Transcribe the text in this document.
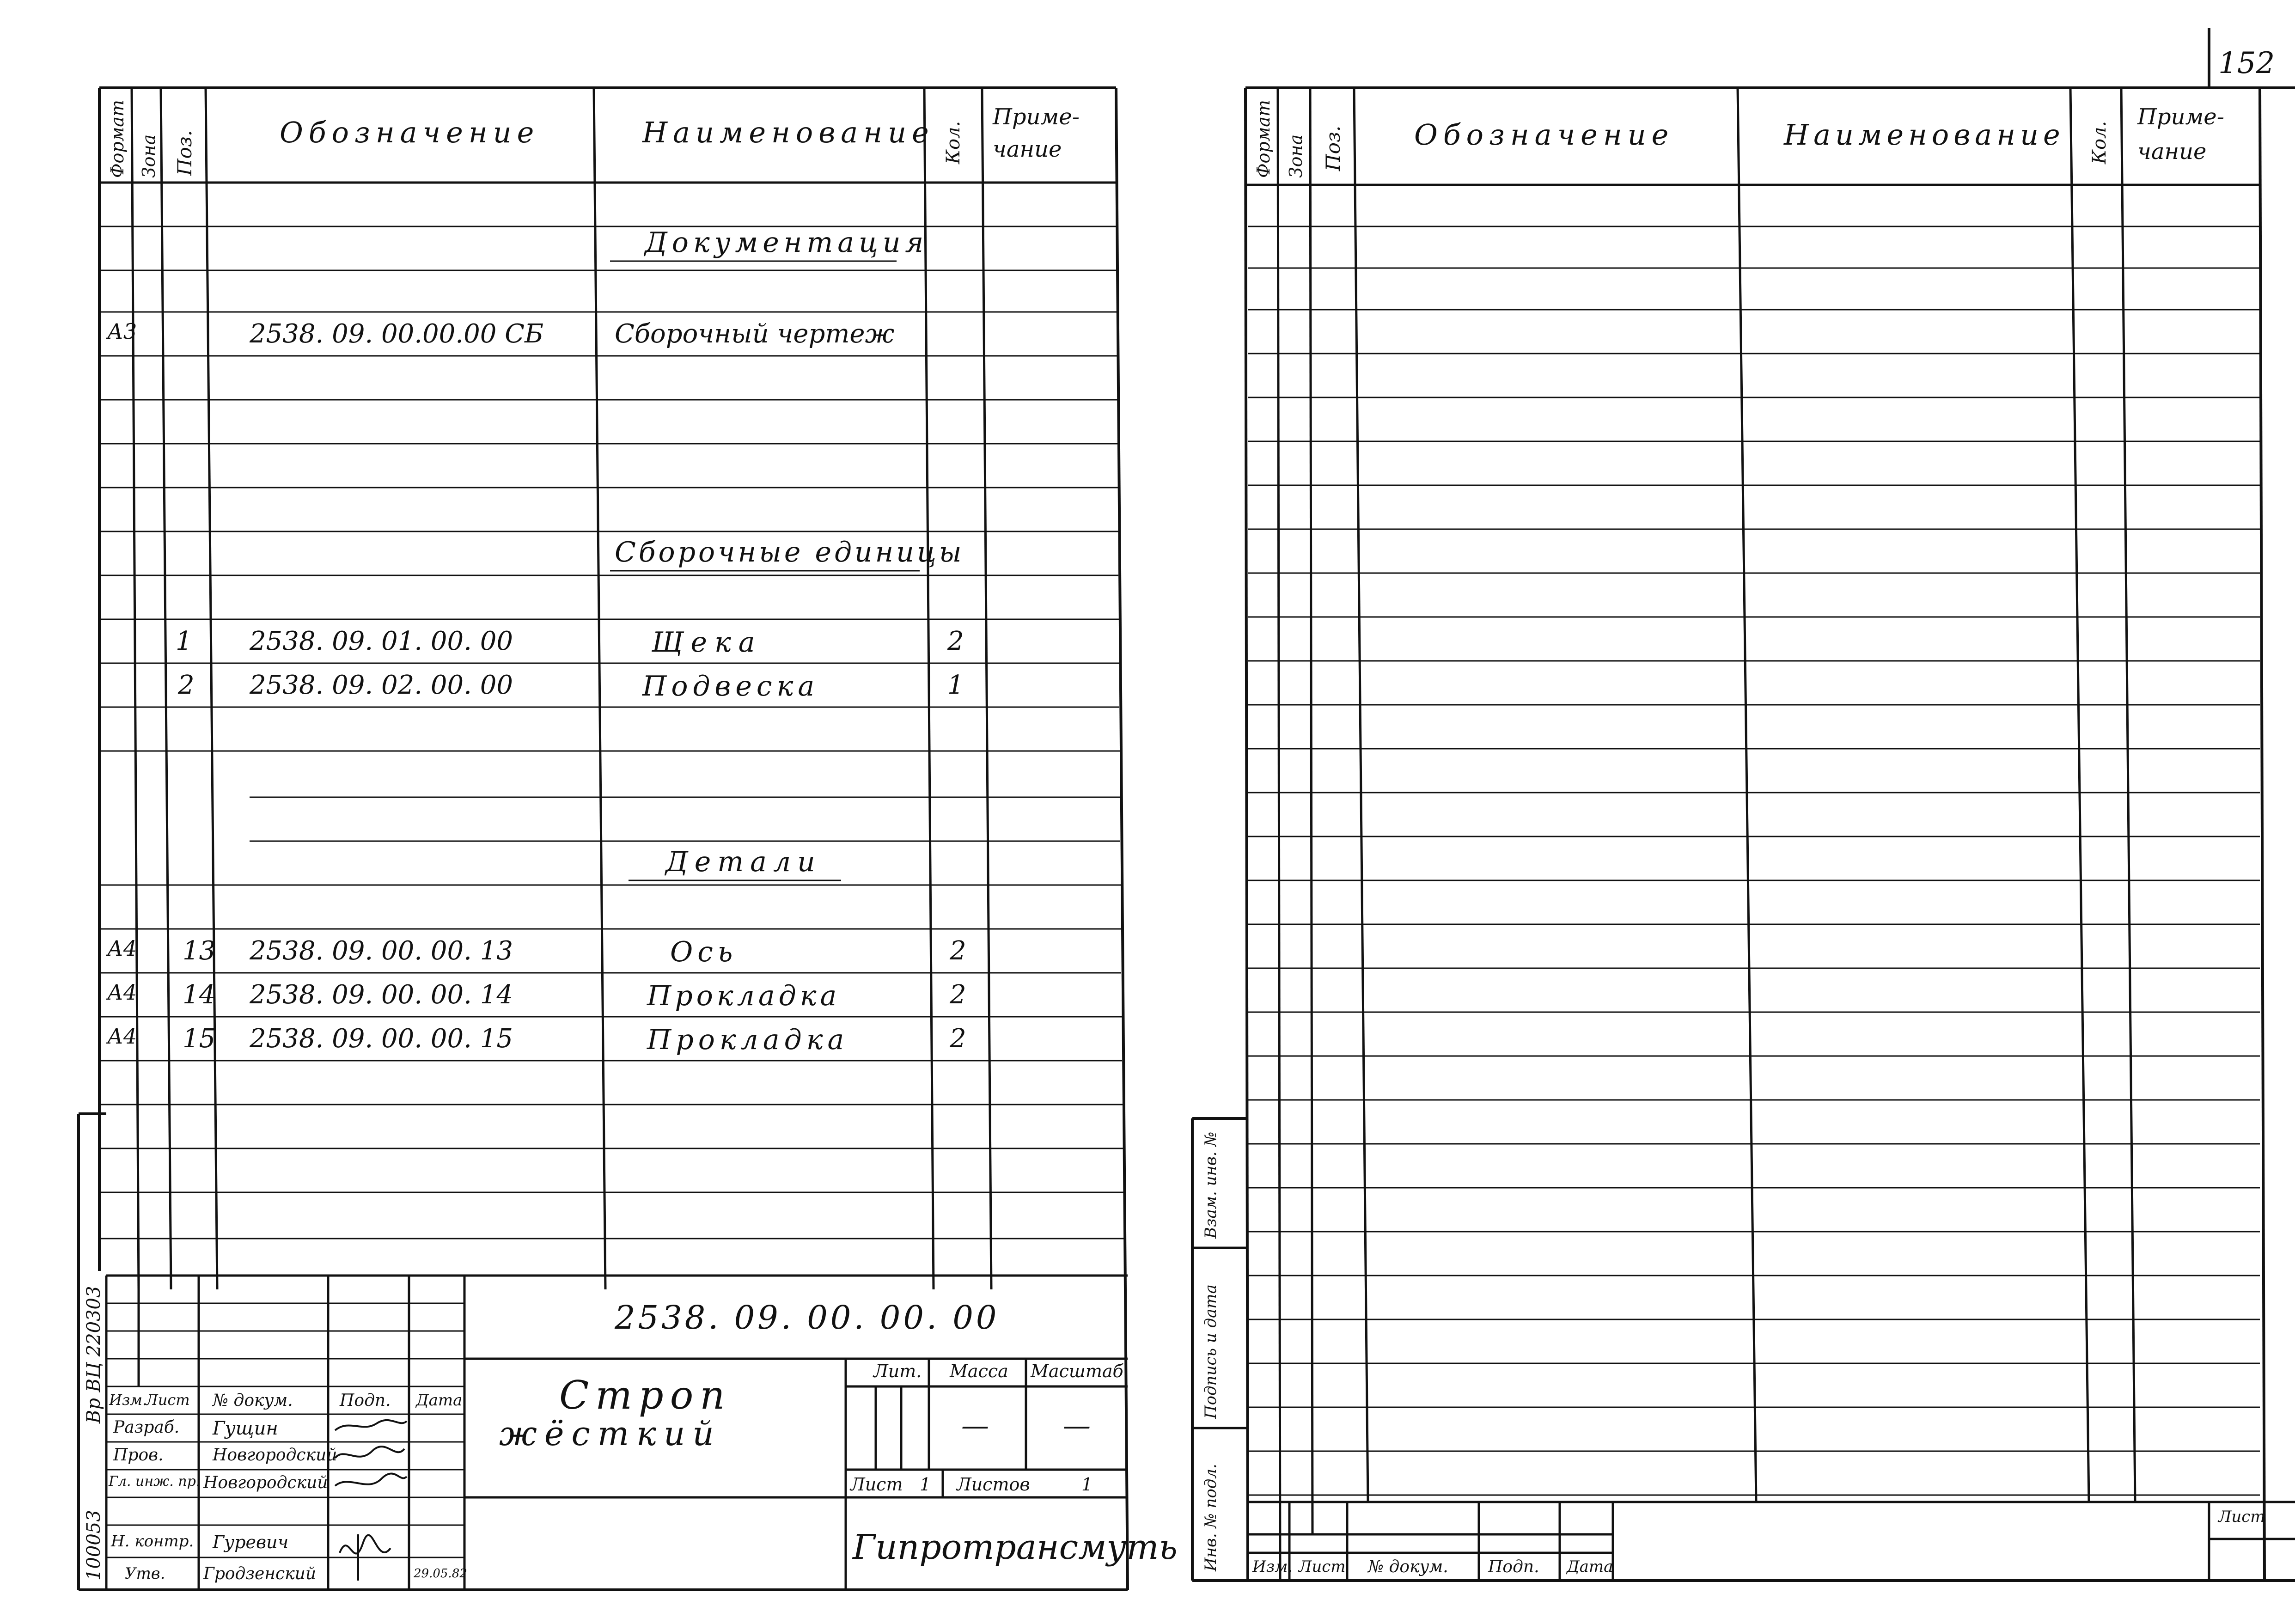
152
Формат Зона Поз.	Обозначение	Наименование Кол.
Приме-
чание
Документация
Сборочные единицы
Детали
А3	2538. 09. 00.00.00 СБ	Сборочный чертеж
1 2538. 09. 01. 00. 00	Щека	2
2 2538. 09. 02. 00. 00	Подвеска	1
А4 13 2538. 09. 00. 00. 13	Ось	2
А4 14 2538. 09. 00. 00. 14	Прокладка	2
А4 15 2538. 09. 00. 00. 15	Прокладка	2
2538. 09. 00. 00. 00
Строп
жёсткий
Изм.
Лист № докум.	Подп. Дата
Разраб. Гущин
Пров.	Новгородский
Гл. инж. пр. Новгородский
Н. контр. Гуревич
Утв. Гродзенский	29.05.82
Лит. Масса Масштаб
—	—
Лист 1 Листов	1
Гипротрансмуть
Вр ВЦ 220303
100053
Формат Зона Поз. Обозначение	Наименование Кол.
Приме-
чание
Взам. инв. №
Подпись и дата
Инв. № подл. Изм. Лист № докум. Подп. Дата
Лист
